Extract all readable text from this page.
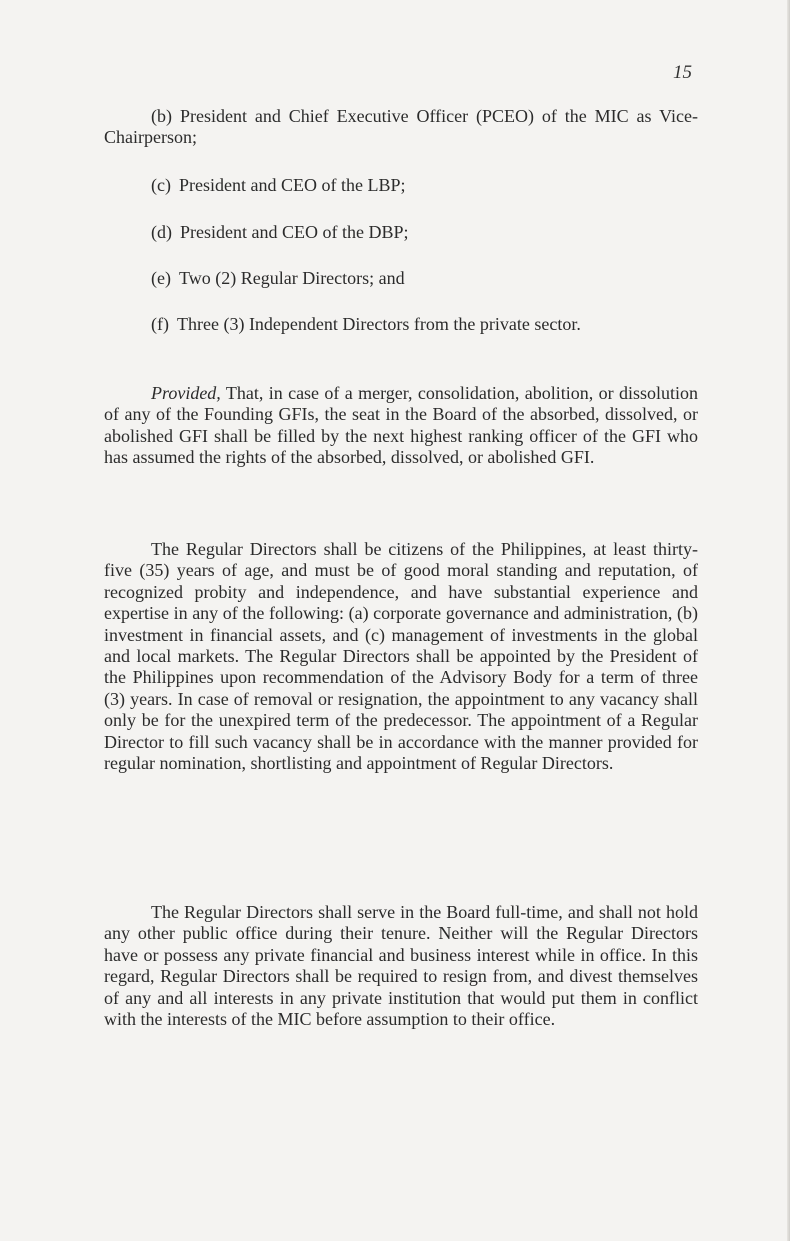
15
(b) President and Chief Executive Officer (PCEO) of the MIC as Vice-Chairperson;
(c) President and CEO of the LBP;
(d) President and CEO of the DBP;
(e) Two (2) Regular Directors; and
(f) Three (3) Independent Directors from the private sector.
Provided, That, in case of a merger, consolidation, abolition, or dissolution of any of the Founding GFIs, the seat in the Board of the absorbed, dissolved, or abolished GFI shall be filled by the next highest ranking officer of the GFI who has assumed the rights of the absorbed, dissolved, or abolished GFI.
The Regular Directors shall be citizens of the Philippines, at least thirty-five (35) years of age, and must be of good moral standing and reputation, of recognized probity and independence, and have substantial experience and expertise in any of the following: (a) corporate governance and administration, (b) investment in financial assets, and (c) management of investments in the global and local markets. The Regular Directors shall be appointed by the President of the Philippines upon recommendation of the Advisory Body for a term of three (3) years. In case of removal or resignation, the appointment to any vacancy shall only be for the unexpired term of the predecessor. The appointment of a Regular Director to fill such vacancy shall be in accordance with the manner provided for regular nomination, shortlisting and appointment of Regular Directors.
The Regular Directors shall serve in the Board full-time, and shall not hold any other public office during their tenure. Neither will the Regular Directors have or possess any private financial and business interest while in office. In this regard, Regular Directors shall be required to resign from, and divest themselves of any and all interests in any private institution that would put them in conflict with the interests of the MIC before assumption to their office.
